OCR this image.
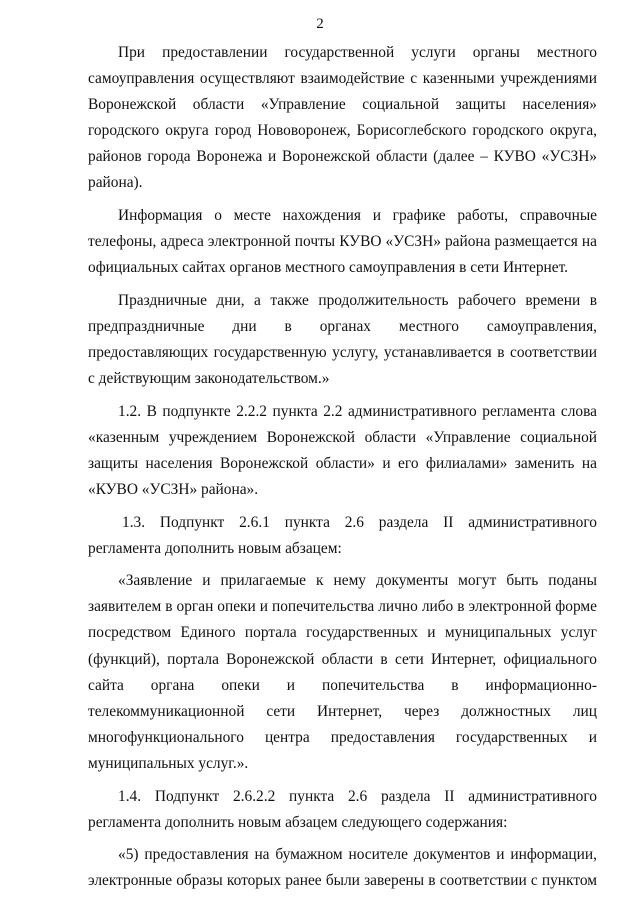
2

При предоставлении государственной услуги органы местного самоуправления осуществляют взаимодействие с казенными учреждениями Воронежской области «Управление социальной защиты населения» городского округа город Нововоронеж, Борисоглебского городского округа, районов города Воронежа и Воронежской области (далее – КУВО «УСЗН» района).

Информация о месте нахождения и графике работы, справочные телефоны, адреса электронной почты КУВО «УСЗН» района размещается на официальных сайтах органов местного самоуправления в сети Интернет.

Праздничные дни, а также продолжительность рабочего времени в предпраздничные дни в органах местного самоуправления, предоставляющих государственную услугу, устанавливается в соответствии с действующим законодательством.»

1.2. В подпункте 2.2.2 пункта 2.2 административного регламента слова «казенным учреждением Воронежской области «Управление социальной защиты населения Воронежской области» и его филиалами» заменить на «КУВО «УСЗН» района».

1.3. Подпункт 2.6.1 пункта 2.6 раздела II административного регламента дополнить новым абзацем:

«Заявление и прилагаемые к нему документы могут быть поданы заявителем в орган опеки и попечительства лично либо в электронной форме посредством Единого портала государственных и муниципальных услуг (функций), портала Воронежской области в сети Интернет, официального сайта органа опеки и попечительства в информационно-телекоммуникационной сети Интернет, через должностных лиц многофункционального центра предоставления государственных и муниципальных услуг.».

1.4. Подпункт 2.6.2.2 пункта 2.6 раздела II административного регламента дополнить новым абзацем следующего содержания:

«5) предоставления на бумажном носителе документов и информации, электронные образы которых ранее были заверены в соответствии с пунктом
